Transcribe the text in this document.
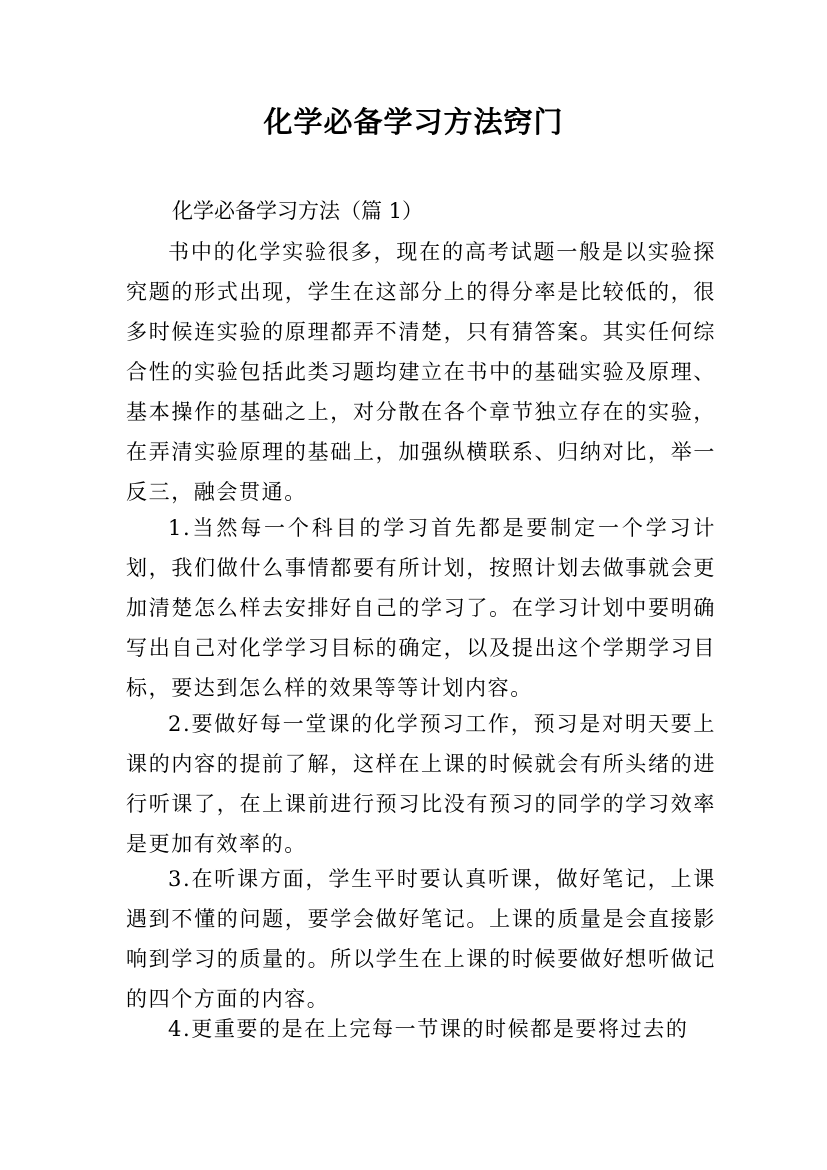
化学必备学习方法窍门
化学必备学习方法（篇 1）

书中的化学实验很多，现在的高考试题一般是以实验探究题的形式出现，学生在这部分上的得分率是比较低的，很多时候连实验的原理都弄不清楚，只有猜答案。其实任何综合性的实验包括此类习题均建立在书中的基础实验及原理、基本操作的基础之上，对分散在各个章节独立存在的实验，在弄清实验原理的基础上，加强纵横联系、归纳对比，举一反三，融会贯通。

1.当然每一个科目的学习首先都是要制定一个学习计划，我们做什么事情都要有所计划，按照计划去做事就会更加清楚怎么样去安排好自己的学习了。在学习计划中要明确写出自己对化学学习目标的确定，以及提出这个学期学习目标，要达到怎么样的效果等等计划内容。

2.要做好每一堂课的化学预习工作，预习是对明天要上课的内容的提前了解，这样在上课的时候就会有所头绪的进行听课了，在上课前进行预习比没有预习的同学的学习效率是更加有效率的。

3.在听课方面，学生平时要认真听课，做好笔记，上课遇到不懂的问题，要学会做好笔记。上课的质量是会直接影响到学习的质量的。所以学生在上课的时候要做好想听做记的四个方面的内容。

4.更重要的是在上完每一节课的时候都是要将过去的
